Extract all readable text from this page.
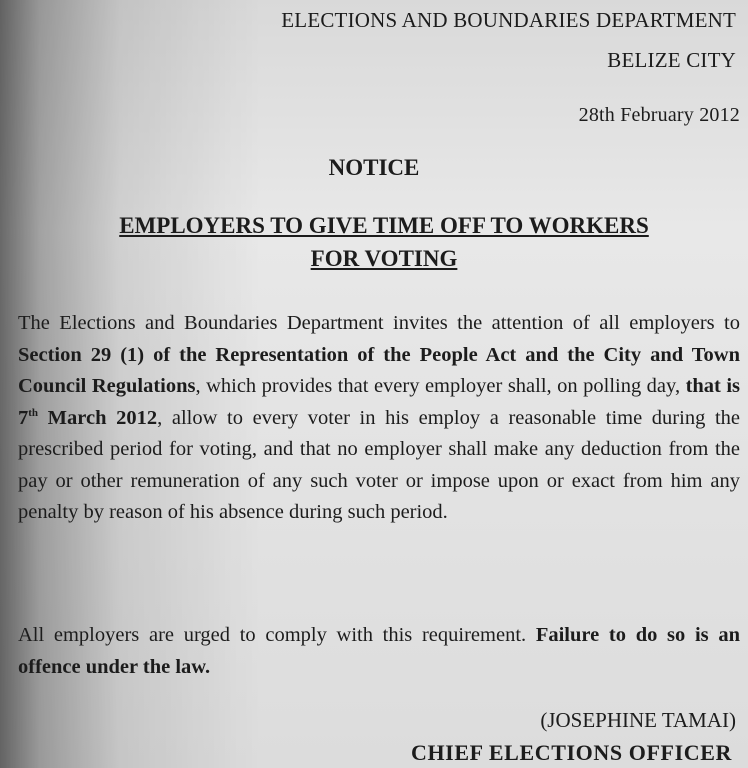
ELECTIONS AND BOUNDARIES DEPARTMENT
BELIZE CITY
28th February 2012
NOTICE
EMPLOYERS TO GIVE TIME OFF TO WORKERS
FOR VOTING

The Elections and Boundaries Department invites the attention of all employers to Section 29 (1) of the Representation of the People Act and the City and Town Council Regulations, which provides that every employer shall, on polling day, that is 7th March 2012, allow to every voter in his employ a reasonable time during the prescribed period for voting, and that no employer shall make any deduction from the pay or other remuneration of any such voter or impose upon or exact from him any penalty by reason of his absence during such period.

All employers are urged to comply with this requirement. Failure to do so is an offence under the law.

(JOSEPHINE TAMAI)
CHIEF ELECTIONS OFFICER
